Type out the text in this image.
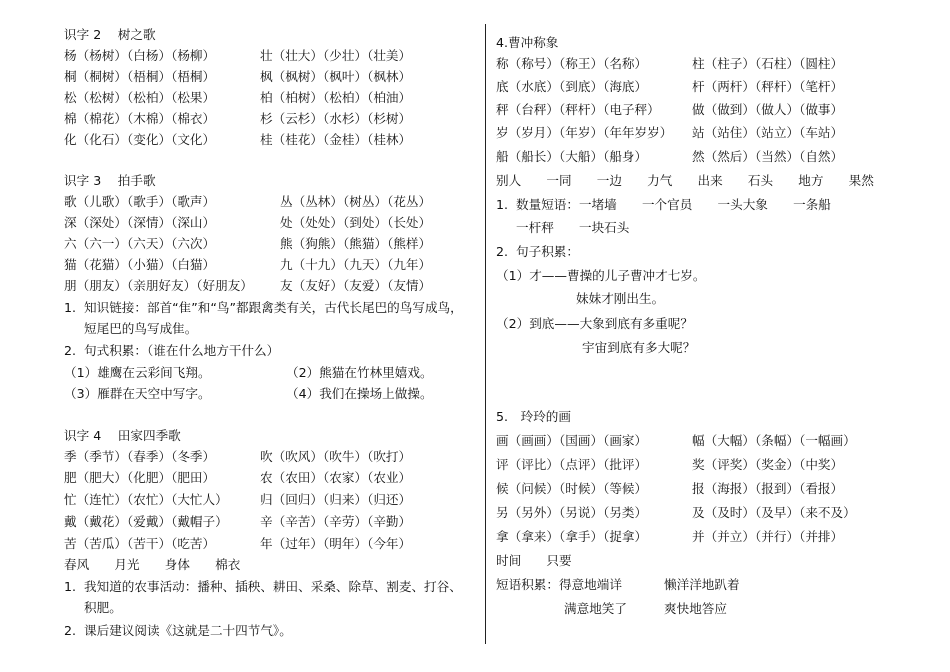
识字 2　 树之歌
杨（杨树）（白杨）（杨柳）	壮（壮大）（少壮）（壮美）
桐（桐树）（梧桐）（梧桐）	枫（枫树）（枫叶）（枫林）
松（松树）（松柏）（松果）	柏（柏树）（松柏）（柏油）
棉（棉花）（木棉）（棉衣）	杉（云杉）（水杉）（杉树）
化（化石）（变化）（文化）	桂（桂花）（金桂）（桂林）
识字 3　 拍手歌
歌（儿歌）（歌手）（歌声）	丛（丛林）（树丛）（花丛）
深（深处）（深情）（深山）	处（处处）（到处）（长处）
六（六一）（六天）（六次）	熊（狗熊）（熊猫）（熊样）
猫（花猫）（小猫）（白猫）	九（十九）（九天）（九年）
朋（朋友）（亲朋好友）（好朋友） 友（友好）（友爱）（友情）
1. 知识链接：部首“隹”和“鸟”都跟禽类有关，古代长尾巴的鸟写成鸟，
短尾巴的鸟写成隹。
2. 句式积累：（谁在什么地方干什么）
（1）雄鹰在云彩间飞翔。	（2）熊猫在竹林里嬉戏。
（3）雁群在天空中写字。	（4）我们在操场上做操。
识字 4　 田家四季歌
季（季节）（春季）（冬季）	吹（吹风）（吹牛）（吹打）
肥（肥大）（化肥）（肥田）	农（农田）（农家）（农业）
忙（连忙）（农忙）（大忙人）	归（回归）（归来）（归还）
戴（戴花）（爱戴）（戴帽子）	辛（辛苦）（辛劳）（辛勤）
苦（苦瓜）（苦干）（吃苦）	年（过年）（明年）（今年）
春风　　月光　　身体　　棉衣
1. 我知道的农事活动：播种、插秧、耕田、采桑、除草、割麦、打谷、
积肥。
2. 课后建议阅读《这就是二十四节气》。
4.曹冲称象
称（称号）（称王）（名称）	柱（柱子）（石柱）（圆柱）
底（水底）（到底）（海底）	杆（两杆）（秤杆）（笔杆）
秤（台秤）（秤杆）（电子秤）	做（做到）（做人）（做事）
岁（岁月）（年岁）（年年岁岁） 站（站住）（站立）（车站）
船（船长）（大船）（船身）	然（然后）（当然）（自然）
别人　　一同　　一边　　力气　　出来　　石头　　地方　　果然
1. 数量短语：一堵墙　　一个官员　　一头大象　　一条船
一杆秤　　一块石头
2. 句子积累：
（1）才——曹操的儿子曹冲才七岁。
妹妹才刚出生。
（2）到底——大象到底有多重呢？
宇宙到底有多大呢？
5.　玲玲的画
画（画画）（国画）（画家）	幅（大幅）（条幅）（一幅画）
评（评比）（点评）（批评）	奖（评奖）（奖金）（中奖）
候（问候）（时候）（等候）	报（海报）（报到）（看报）
另（另外）（另说）（另类）	及（及时）（及早）（来不及）
拿（拿来）（拿手）（捉拿）	并（并立）（并行）（并排）
时间　　只要
短语积累：得意地端详	懒洋洋地趴着
满意地笑了	爽快地答应
